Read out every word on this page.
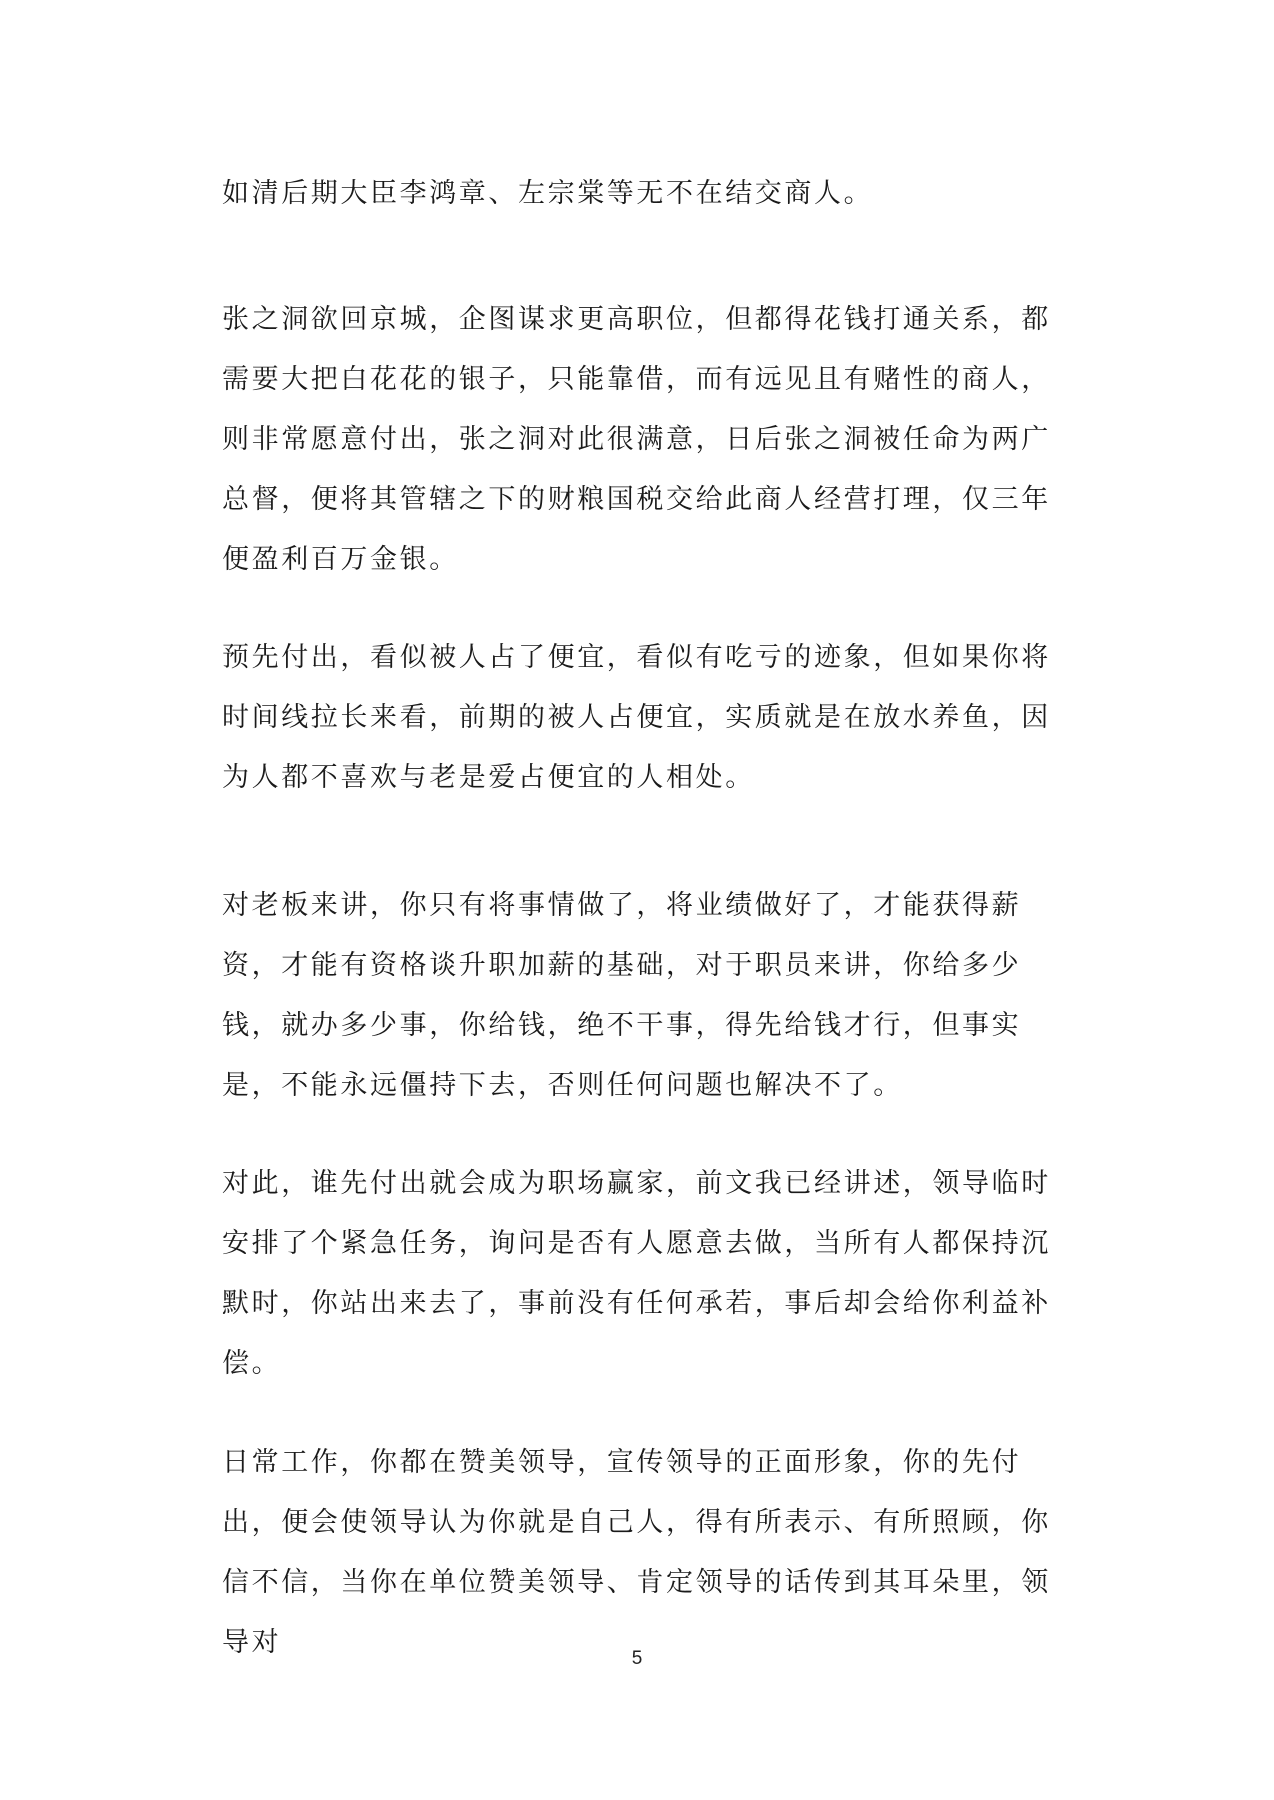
如清后期大臣李鸿章、左宗棠等无不在结交商人。

张之洞欲回京城，企图谋求更高职位，但都得花钱打通关系，都需要大把白花花的银子，只能靠借，而有远见且有赌性的商人，则非常愿意付出，张之洞对此很满意，日后张之洞被任命为两广总督，便将其管辖之下的财粮国税交给此商人经营打理，仅三年便盈利百万金银。

预先付出，看似被人占了便宜，看似有吃亏的迹象，但如果你将时间线拉长来看，前期的被人占便宜，实质就是在放水养鱼，因为人都不喜欢与老是爱占便宜的人相处。

对老板来讲，你只有将事情做了，将业绩做好了，才能获得薪资，才能有资格谈升职加薪的基础，对于职员来讲，你给多少钱，就办多少事，你给钱，绝不干事，得先给钱才行，但事实是，不能永远僵持下去，否则任何问题也解决不了。

对此，谁先付出就会成为职场赢家，前文我已经讲述，领导临时安排了个紧急任务，询问是否有人愿意去做，当所有人都保持沉默时，你站出来去了，事前没有任何承若，事后却会给你利益补偿。

日常工作，你都在赞美领导，宣传领导的正面形象，你的先付出，便会使领导认为你就是自己人，得有所表示、有所照顾，你信不信，当你在单位赞美领导、肯定领导的话传到其耳朵里，领导对

5
